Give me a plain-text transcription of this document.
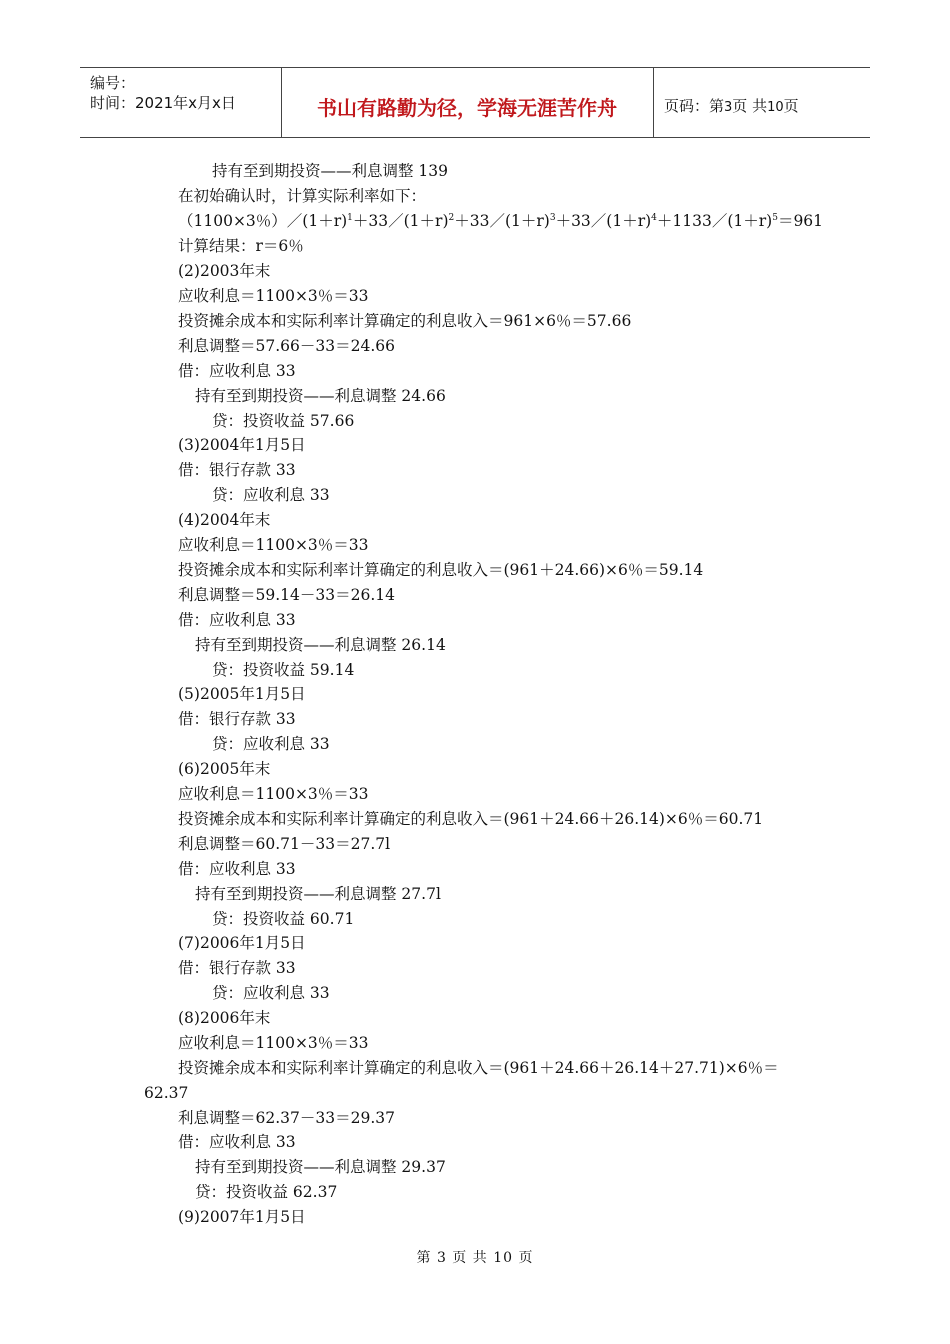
编号：
时间：2021年x月x日	书山有路勤为径，学海无涯苦作舟	页码：第3页 共10页
持有至到期投资——利息调整 139
在初始确认时，计算实际利率如下：
（1100×3％）$/(1+r)^1+33/(1+r)^2+33/(1+r)^3+33/(1+r)^4+1133/(1+r)^5=961$
计算结果：r＝6％
(2)2003年末
应收利息＝1100×3％＝33
投资摊余成本和实际利率计算确定的利息收入＝961×6％＝57.66
利息调整＝57.66－33＝24.66
借：应收利息 33
持有至到期投资——利息调整 24.66
贷：投资收益 57.66
(3)2004年1月5日
借：银行存款 33
贷：应收利息 33
(4)2004年末
应收利息＝1100×3％＝33
投资摊余成本和实际利率计算确定的利息收入＝(961＋24.66)×6％＝59.14
利息调整＝59.14－33＝26.14
借：应收利息 33
持有至到期投资——利息调整 26.14
贷：投资收益 59.14
(5)2005年1月5日
借：银行存款 33
贷：应收利息 33
(6)2005年末
应收利息＝1100×3％＝33
投资摊余成本和实际利率计算确定的利息收入＝(961＋24.66＋26.14)×6％＝60.71
利息调整＝60.71－33＝27.7l
借：应收利息 33
持有至到期投资——利息调整 27.7l
贷：投资收益 60.71
(7)2006年1月5日
借：银行存款 33
贷：应收利息 33
(8)2006年末
应收利息＝1100×3％＝33
投资摊余成本和实际利率计算确定的利息收入＝(961＋24.66＋26.14＋27.71)×6％＝
62.37
利息调整＝62.37－33＝29.37
借：应收利息 33
持有至到期投资——利息调整 29.37
贷：投资收益 62.37
(9)2007年1月5日
第 3 页 共 10 页
